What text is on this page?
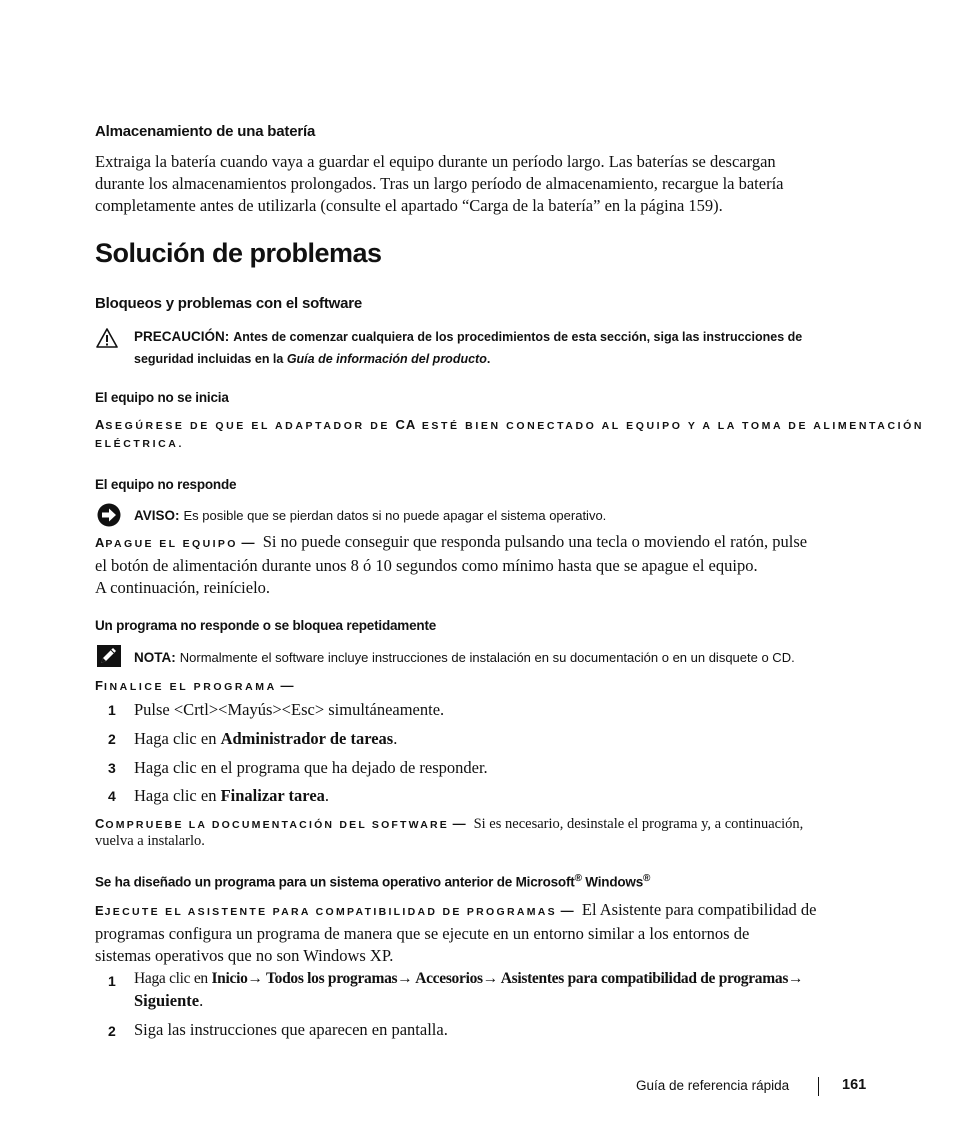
Almacenamiento de una batería
Extraiga la batería cuando vaya a guardar el equipo durante un período largo. Las baterías se descargan
durante los almacenamientos prolongados. Tras un largo período de almacenamiento, recargue la batería
completamente antes de utilizarla (consulte el apartado “Carga de la batería” en la página 159).
Solución de problemas
Bloqueos y problemas con el software
PRECAUCIÓN: Antes de comenzar cualquiera de los procedimientos de esta sección, siga las instrucciones de
seguridad incluidas en la Guía de información del producto.
El equipo no se inicia
ASEGÚRESE DE QUE EL ADAPTADOR DE CA ESTÉ BIEN CONECTADO AL EQUIPO Y A LA TOMA DE ALIMENTACIÓN
ELÉCTRICA.
El equipo no responde
AVISO: Es posible que se pierdan datos si no puede apagar el sistema operativo.
APAGUE EL EQUIPO — Si no puede conseguir que responda pulsando una tecla o moviendo el ratón, pulse
el botón de alimentación durante unos 8 ó 10 segundos como mínimo hasta que se apague el equipo.
A continuación, reinícielo.
Un programa no responde o se bloquea repetidamente
NOTA: Normalmente el software incluye instrucciones de instalación en su documentación o en un disquete o CD.
FINALICE EL PROGRAMA —
1 Pulse <Crtl><Mayús><Esc> simultáneamente.
2 Haga clic en Administrador de tareas.
3 Haga clic en el programa que ha dejado de responder.
4 Haga clic en Finalizar tarea.
COMPRUEBE LA DOCUMENTACIÓN DEL SOFTWARE — Si es necesario, desinstale el programa y, a continuación,
vuelva a instalarlo.
Se ha diseñado un programa para un sistema operativo anterior de Microsoft® Windows®
EJECUTE EL ASISTENTE PARA COMPATIBILIDAD DE PROGRAMAS — El Asistente para compatibilidad de
programas configura un programa de manera que se ejecute en un entorno similar a los entornos de
sistemas operativos que no son Windows XP.
1 Haga clic en Inicio→ Todos los programas→ Accesorios→ Asistentes para compatibilidad de programas→
Siguiente.
2 Siga las instrucciones que aparecen en pantalla.
Guía de referencia rápida	161
